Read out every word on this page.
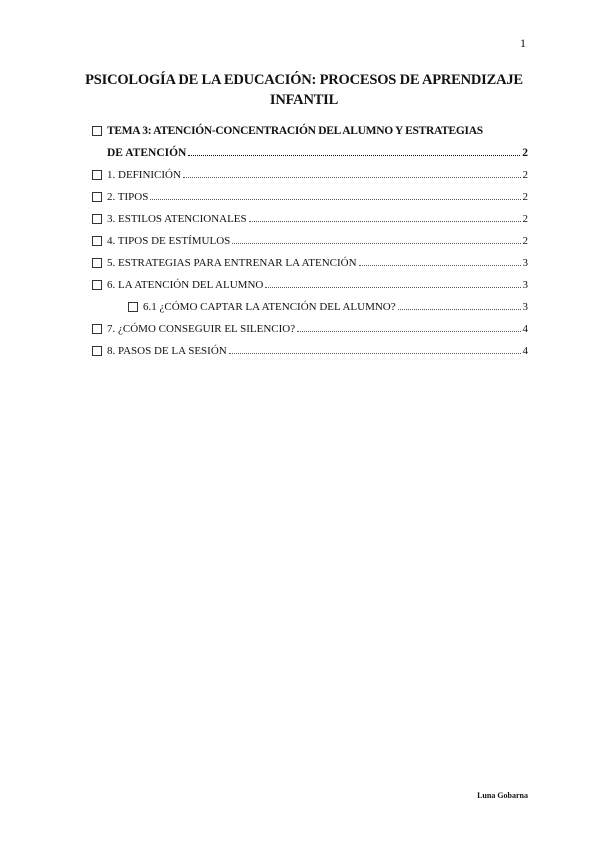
1
PSICOLOGÍA DE LA EDUCACIÓN: PROCESOS DE APRENDIZAJE INFANTIL
TEMA 3: ATENCIÓN-CONCENTRACIÓN DEL ALUMNO Y ESTRATEGIAS
DE ATENCIÓN	2
1. DEFINICIÓN	2
2. TIPOS	2
3. ESTILOS ATENCIONALES	2
4. TIPOS DE ESTÍMULOS	2
5. ESTRATEGIAS PARA ENTRENAR LA ATENCIÓN	3
6. LA ATENCIÓN DEL ALUMNO	3
6.1 ¿CÓMO CAPTAR LA ATENCIÓN DEL ALUMNO?	3
7. ¿CÓMO CONSEGUIR EL SILENCIO?	4
8. PASOS DE LA SESIÓN	4
Luna Gobarna
